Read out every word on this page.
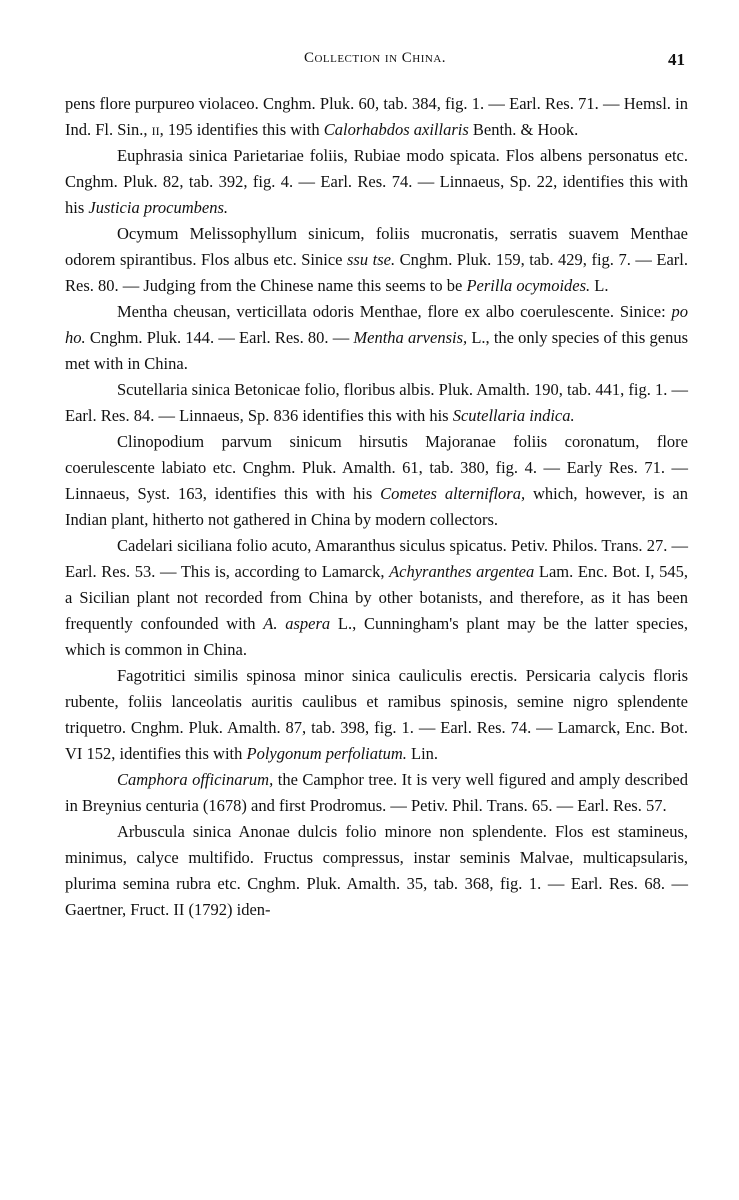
Collection in China.	41

pens flore purpureo violaceo. Cnghm. Pluk. 60, tab. 384, fig. 1. — Earl. Res. 71. — Hemsl. in Ind. Fl. Sin., ii, 195 identifies this with Calorhabdos axillaris Benth. & Hook.

Euphrasia sinica Parietariae foliis, Rubiae modo spicata. Flos albens personatus etc. Cnghm. Pluk. 82, tab. 392, fig. 4. — Earl. Res. 74. — Linnaeus, Sp. 22, identifies this with his Justicia procumbens.

Ocymum Melissophyllum sinicum, foliis mucronatis, serratis suavem Menthae odorem spirantibus. Flos albus etc. Sinice ssu tse. Cnghm. Pluk. 159, tab. 429, fig. 7. — Earl. Res. 80. — Judging from the Chinese name this seems to be Perilla ocymoides. L.

Mentha cheusan, verticillata odoris Menthae, flore ex albo coerulescente. Sinice: po ho. Cnghm. Pluk. 144. — Earl. Res. 80. — Mentha arvensis, L., the only species of this genus met with in China.

Scutellaria sinica Betonicae folio, floribus albis. Pluk. Amalth. 190, tab. 441, fig. 1. — Earl. Res. 84. — Linnaeus, Sp. 836 identifies this with his Scutellaria indica.

Clinopodium parvum sinicum hirsutis Majoranae foliis coronatum, flore coerulescente labiato etc. Cnghm. Pluk. Amalth. 61, tab. 380, fig. 4. — Early Res. 71. — Linnaeus, Syst. 163, identifies this with his Cometes alterniflora, which, however, is an Indian plant, hitherto not gathered in China by modern collectors.

Cadelari siciliana folio acuto, Amaranthus siculus spicatus. Petiv. Philos. Trans. 27. — Earl. Res. 53. — This is, according to Lamarck, Achyranthes argentea Lam. Enc. Bot. I, 545, a Sicilian plant not recorded from China by other botanists, and therefore, as it has been frequently confounded with A. aspera L., Cunningham's plant may be the latter species, which is common in China.

Fagotritici similis spinosa minor sinica cauliculis erectis. Persicaria calycis floris rubente, foliis lanceolatis auritis caulibus et ramibus spinosis, semine nigro splendente triquetro. Cnghm. Pluk. Amalth. 87, tab. 398, fig. 1. — Earl. Res. 74. — Lamarck, Enc. Bot. VI 152, identifies this with Polygonum perfoliatum. Lin.

Camphora officinarum, the Camphor tree. It is very well figured and amply described in Breynius centuria (1678) and first Prodromus. — Petiv. Phil. Trans. 65. — Earl. Res. 57.

Arbuscula sinica Anonae dulcis folio minore non splendente. Flos est stamineus, minimus, calyce multifido. Fructus compressus, instar seminis Malvae, multicapsularis, plurima semina rubra etc. Cnghm. Pluk. Amalth. 35, tab. 368, fig. 1. — Earl. Res. 68. — Gaertner, Fruct. II (1792) iden-
